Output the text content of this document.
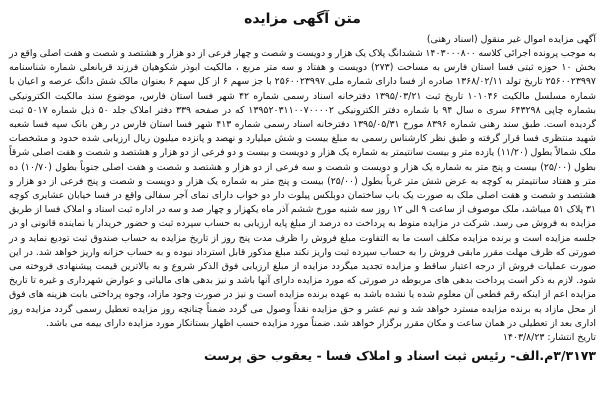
متن آگهی مزایده

آگهی مزایده اموال غیر منقول (اسناد رهنی)

به موجب پرونده اجرائی کلاسه ۱۴۰۳۰۰۰۸۰۰ ششدانگ پلاک یک هزار و دویست و شصت و چهار فرعی از دو هزار و هشتصد و شصت و هفت اصلی واقع در بخش ۱۰ حوزه ثبتی فسا استان فارس به مساحت (۲۷۳) دویست و هفتاد و سه متر مربع ، مالکیت ابوذر شکوهیان فرزند قربانعلی شماره شناسنامه ۲۵۶۰۰۲۳۹۹۷ تاریخ تولد ۱۳۶۸/۰۲/۱۱ صادره از فسا دارای شماره ملی ۲۵۶۰۰۲۳۹۹۷ با جز سهم ۶ از کل سهم ۶ بعنوان مالک شش دانگ عرصه و اعیان با شماره مسلسل مالکیت ۱۰۱۰۴۶ تاریخ ثبت ۱۳۹۵/۰۳/۲۱ دفترخانه اسناد رسمی شماره ۴۲ شهر فسا استان فارس، موضوع سند مالکیت الکترونیکی بشماره چاپی ۶۴۳۲۹۸ سری ه سال ۹۴ با شماره دفتر الکترونیکی ۱۳۹۵۲۰۳۱۱۰۰۷۰۰۰۰۲ که در صفحه ۳۳۹ دفتر املاک جلد ۵۰ ذیل شماره ۵۰۱۷ ثبت گردیده است. طبق سند رهنی شماره ۸۳۹۶ مورخ ۱۳۹۵/۰۵/۳۱ دفترخانه اسناد رسمی شماره ۴۱۳ شهر فسا استان فارس در رهن بانک سپه فسا شعبه شهید منتظری فسا قرار گرفته و طبق نظر کارشناس رسمی به مبلغ بیست و شش میلیارد و نهصد و پانزده میلیون ریال ارزیابی شده حدود و مشخصات ملک شمالاً بطول (۱۱/۲۰) یازده متر و بیست سانتیمتر به شماره یک هزار و دویست و بیست و دو فرعی از دو هزار و هشتصد و شصت و هفت اصلی شرقاً بطول (۲۵/۰۰) بیست و پنج متر به شماره یک هزار و دویست و شصت و سه فرعی از دو هزار و هشتصد و شصت و هفت اصلی جنوباً بطول (۱۰/۷۰) ده متر و هفتاد سانتیمتر به کوچه به عرض شش متر غرباً بطول (۲۵/۰۰) بیست و پنج متر به شماره یک هزار و دویست و شصت و پنج فرعی از دو هزار و هشتصد و شصت و هفت اصلی ملک به صورت یک باب ساختمان دوبلکس پیلوت دار دو خواب دارای نمای آجر سفالی واقع در فسا خیابان عشایری کوچه ۳۱ پلاک ۵۱ میباشد، ملک موصوف از ساعت ۹ الی ۱۲ روز سه شنبه مورخ ششم آذر ماه یکهزار و چهار صد و سه در اداره ثبت اسناد و املاک فسا از طریق مزایده به فروش می رسد. شرکت در مزایده منوط به پرداخت ده درصد از مبلغ پایه ارزیابی به حساب سپرده ثبت و حضور خریدار یا نماینده قانونی او در جلسه مزایده است و برنده مزایده مکلف است ما به التفاوت مبلغ فروش را ظرف مدت پنج روز از تاریخ مزایده به حساب صندوق ثبت تودیع نماید و در صورتی که ظرف مهلت مقرر مابقی فروش را به حساب سپرده ثبت واریز نکند مبلغ مذکور قابل استرداد نبوده و به حساب خزانه واریز خواهد شد. در این صورت عملیات فروش از درجه اعتبار ساقط و مزایده تجدید میگردد مزایده از مبلغ ارزیابی فوق الذکر شروع و به بالاترین قیمت پیشنهادی فروخته می شود. لازم به ذکر است پرداخت بدهی های مربوطه در صورتی که مورد مزایده دارای آنها باشد و نیز بدهی های مالیاتی و عوارض شهرداری و غیره تا تاریخ مزایده اعم از اینکه رقم قطعی آن معلوم شده یا نشده باشد به عهده برنده مزایده است و نیز در صورت وجود مازاد، وجوه پرداختی بابت هزینه های فوق از محل مازاد به برنده مزایده مسترد خواهد شد و نیم عشر و حق مزایده نقداً وصول می گردد ضمناً چنانچه روز مزایده تعطیل رسمی گردد مزایده روز اداری بعد از تعطیلی در همان ساعت و مکان مقرر برگزار خواهد شد. ضمناً مورد مزایده حسب اظهار بستانکار مورد مزایده دارای بیمه می باشد.

تاریخ انتشار: ۱۴۰۳/۸/۲۳

۳/۳۱۷۳م.الف- رئیس ثبت اسناد و املاک فسا - یعقوب حق پرست
